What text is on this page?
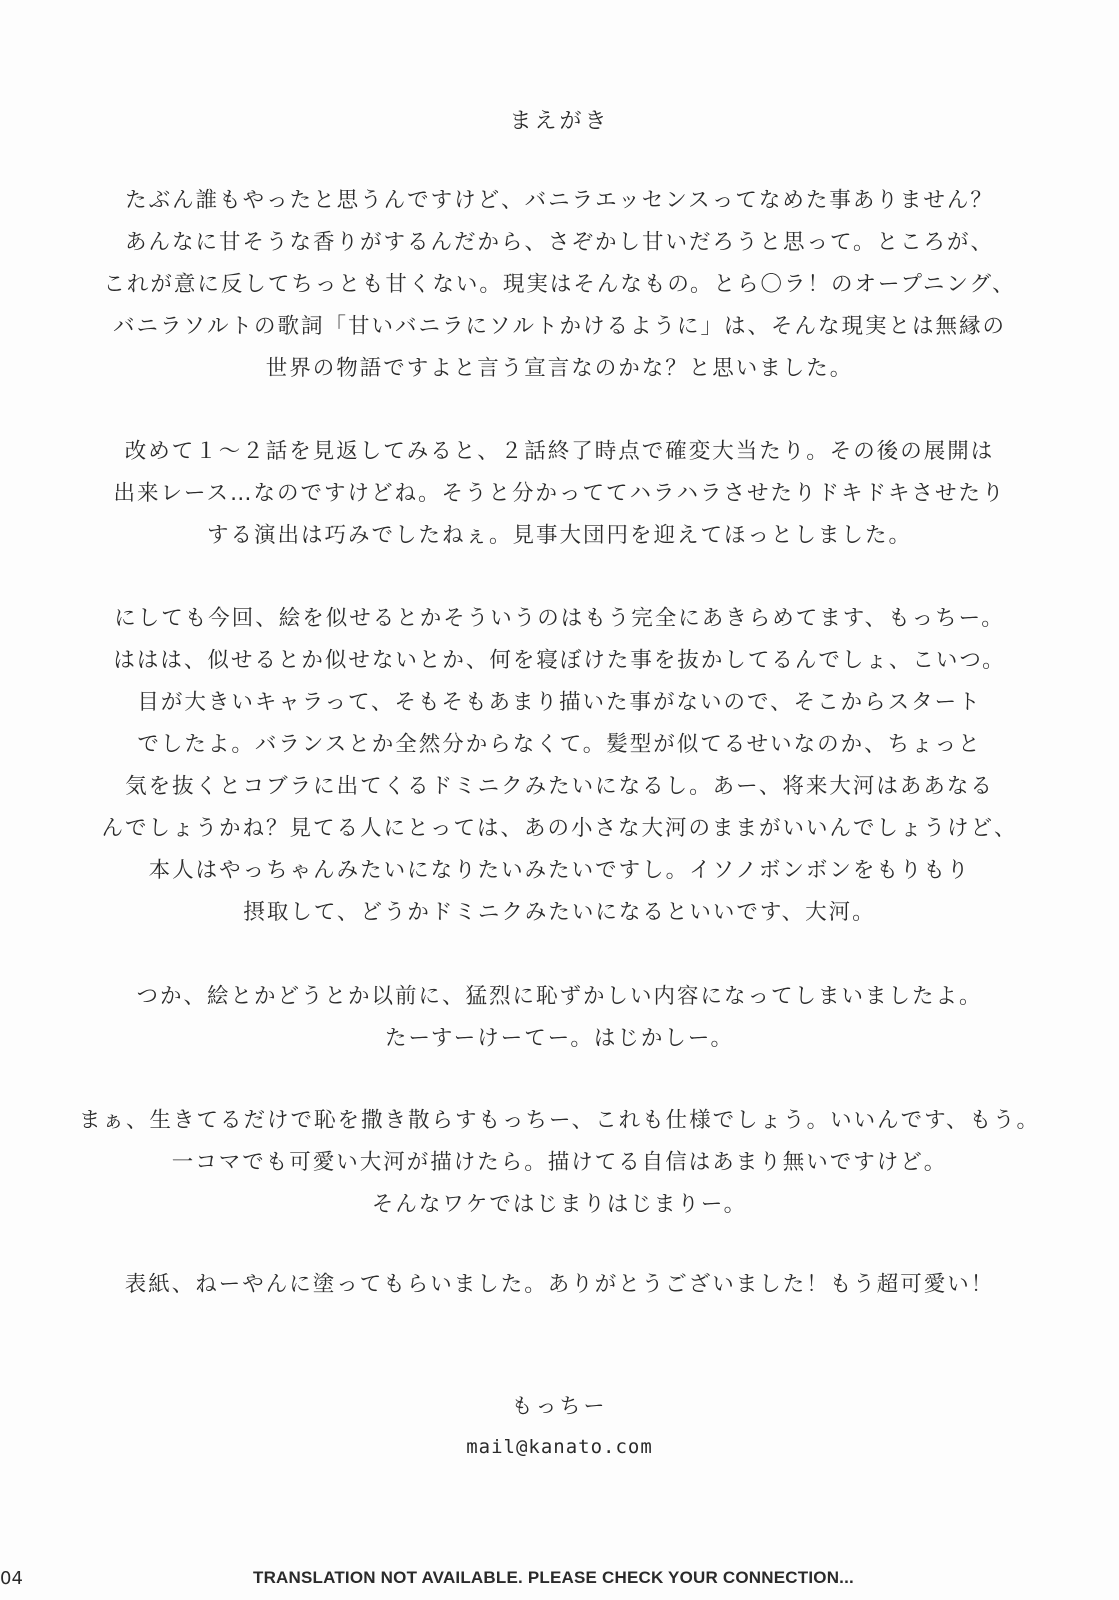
まえがき
たぶん誰もやったと思うんですけど、バニラエッセンスってなめた事ありません？
あんなに甘そうな香りがするんだから、さぞかし甘いだろうと思って。ところが、
これが意に反してちっとも甘くない。現実はそんなもの。とら〇ラ！のオープニング、
バニラソルトの歌詞「甘いバニラにソルトかけるように」は、そんな現実とは無縁の
世界の物語ですよと言う宣言なのかな？と思いました。
改めて１～２話を見返してみると、２話終了時点で確変大当たり。その後の展開は
出来レース…なのですけどね。そうと分かっててハラハラさせたりドキドキさせたり
する演出は巧みでしたねぇ。見事大団円を迎えてほっとしました。
にしても今回、絵を似せるとかそういうのはもう完全にあきらめてます、もっちー。
ははは、似せるとか似せないとか、何を寝ぼけた事を抜かしてるんでしょ、こいつ。
目が大きいキャラって、そもそもあまり描いた事がないので、そこからスタート
でしたよ。バランスとか全然分からなくて。髪型が似てるせいなのか、ちょっと
気を抜くとコブラに出てくるドミニクみたいになるし。あー、将来大河はああなる
んでしょうかね？見てる人にとっては、あの小さな大河のままがいいんでしょうけど、
本人はやっちゃんみたいになりたいみたいですし。イソノボンボンをもりもり
摂取して、どうかドミニクみたいになるといいです、大河。
つか、絵とかどうとか以前に、猛烈に恥ずかしい内容になってしまいましたよ。
たーすーけーてー。はじかしー。
まぁ、生きてるだけで恥を撒き散らすもっちー、これも仕様でしょう。いいんです、もう。
一コマでも可愛い大河が描けたら。描けてる自信はあまり無いですけど。
そんなワケではじまりはじまりー。
表紙、ねーやんに塗ってもらいました。ありがとうございました！もう超可愛い！
もっちー
mail@kanato.com
04	TRANSLATION NOT AVAILABLE. PLEASE CHECK YOUR CONNECTION...
